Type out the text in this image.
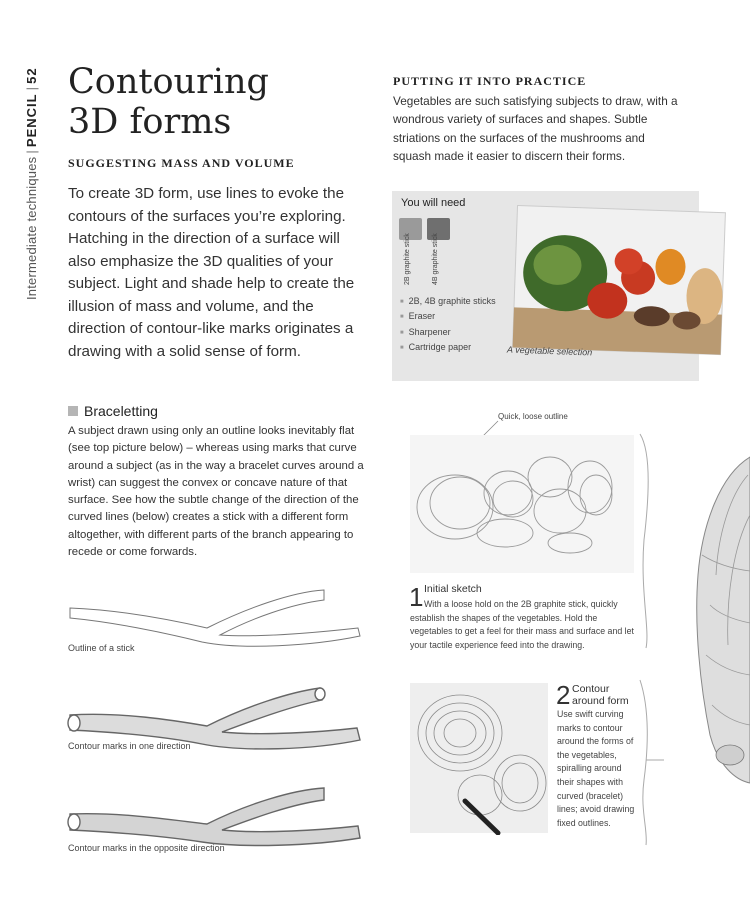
Intermediate techniques|PENCIL|52 Contouring
3D forms
SUGGESTING MASS AND VOLUME
To create 3D form, use lines to evoke the contours of the surfaces you’re exploring. Hatching in the direction of a surface will also emphasize the 3D qualities of your subject. Light and shade help to create the illusion of mass and volume, and the direction of contour-like marks originates a drawing with a solid sense of form.
Braceletting
A subject drawn using only an outline looks inevitably flat (see top picture below) – whereas using marks that curve around a subject (as in the way a bracelet curves around a wrist) can suggest the convex or concave nature of that surface. See how the subtle change of the direction of the curved lines (below) creates a stick with a different form altogether, with different parts of the branch appearing to recede or come forwards.
Outline of a stick
Contour marks in one direction
Contour marks in the opposite direction
PUTTING IT INTO PRACTICE
Vegetables are such satisfying subjects to draw, with a wondrous variety of surfaces and shapes. Subtle striations on the surfaces of the mushrooms and squash made it easier to discern their forms.
You will need
2B graphite stick	4B graphite stick
■ 2B, 4B graphite sticks
■ Eraser
■ Sharpener
■ Cartridge paper	A vegetable selection
Quick, loose outline
1 Initial sketch
With a loose hold on the 2B graphite stick, quickly establish the shapes of the vegetables. Hold the vegetables to get a feel for their mass and surface and let your tactile experience feed into the drawing.
2 Contour around form
Use swift curving marks to contour around the forms of the vegetables, spiralling around their shapes with curved (bracelet) lines; avoid drawing fixed outlines.
